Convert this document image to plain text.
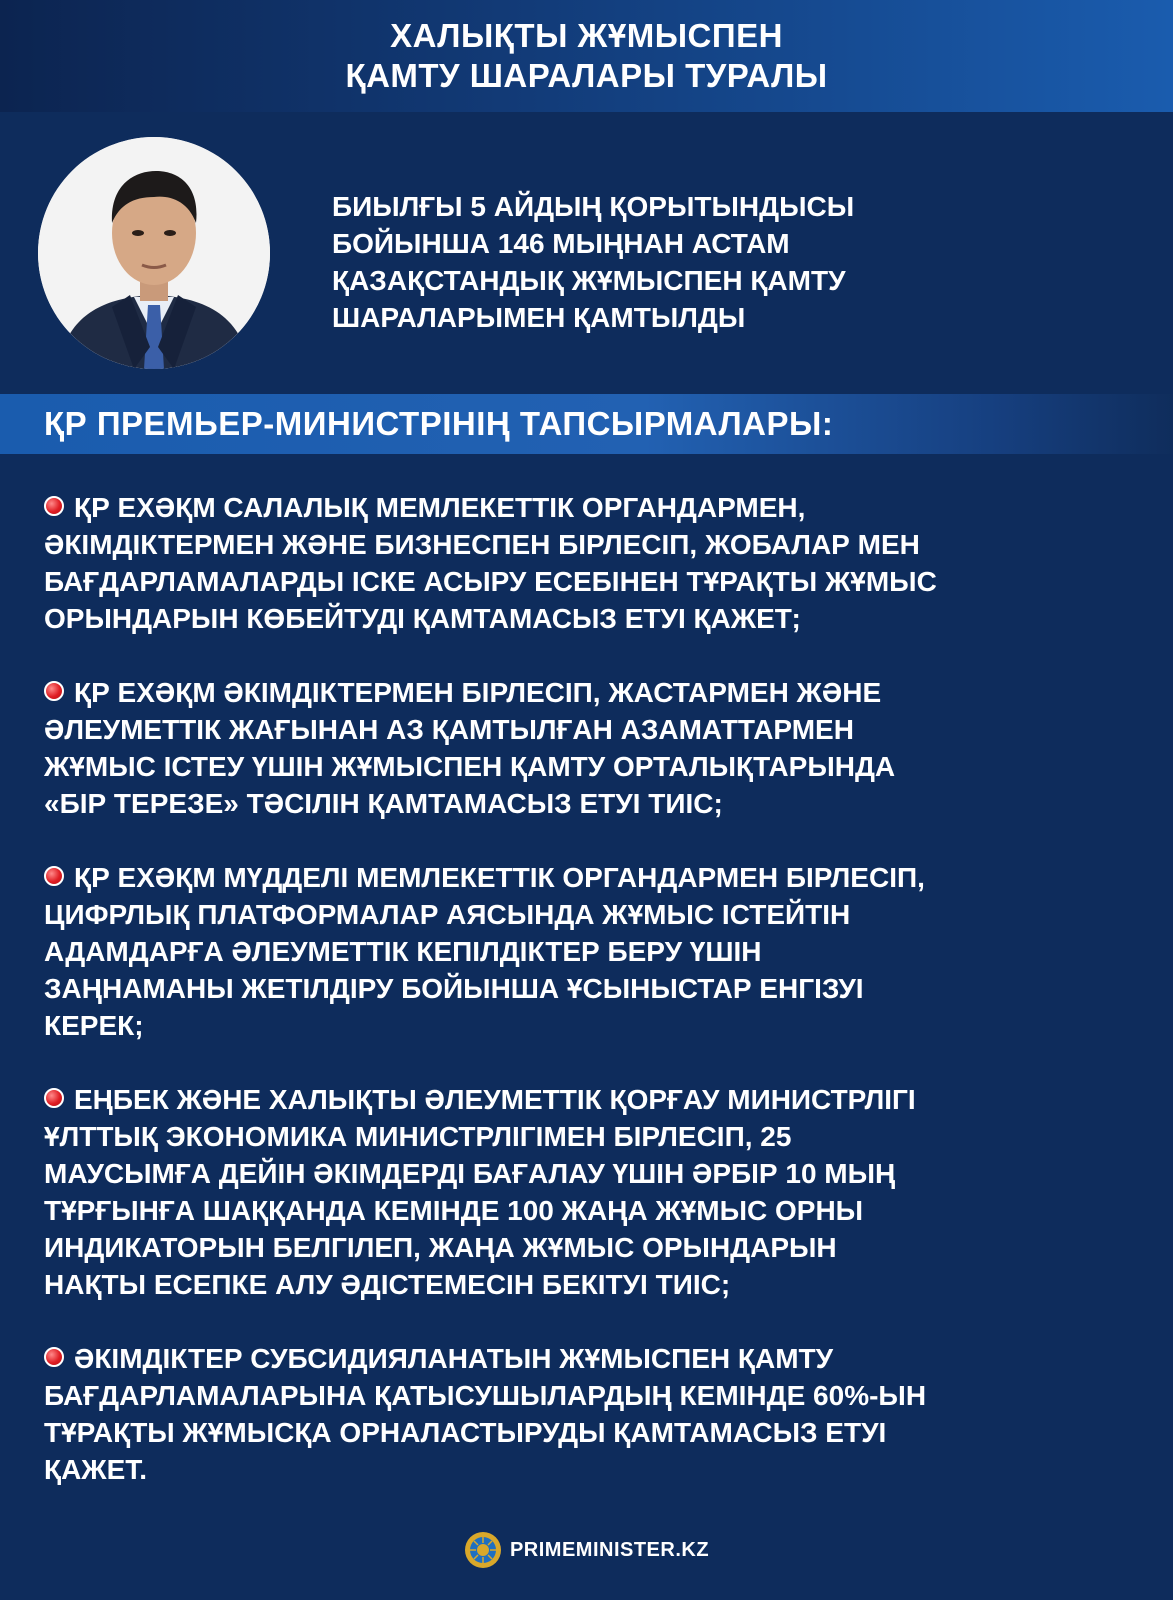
ХАЛЫҚТЫ ЖҰМЫСПЕН
ҚАМТУ ШАРАЛАРЫ ТУРАЛЫ
БИЫЛҒЫ 5 АЙДЫҢ ҚОРЫТЫНДЫСЫ
БОЙЫНША 146 МЫҢНАН АСТАМ
ҚАЗАҚСТАНДЫҚ ЖҰМЫСПЕН ҚАМТУ
ШАРАЛАРЫМЕН ҚАМТЫЛДЫ
ҚР ПРЕМЬЕР-МИНИСТРІНІҢ ТАПСЫРМАЛАРЫ:
ҚР ЕХӘҚМ САЛАЛЫҚ МЕМЛЕКЕТТІК ОРГАНДАРМЕН,
ӘКІМДІКТЕРМЕН ЖӘНЕ БИЗНЕСПЕН БІРЛЕСІП, ЖОБАЛАР МЕН
БАҒДАРЛАМАЛАРДЫ ІСКЕ АСЫРУ ЕСЕБІНЕН ТҰРАҚТЫ ЖҰМЫС
ОРЫНДАРЫН КӨБЕЙТУДІ ҚАМТАМАСЫЗ ЕТУІ ҚАЖЕТ;
ҚР ЕХӘҚМ ӘКІМДІКТЕРМЕН БІРЛЕСІП, ЖАСТАРМЕН ЖӘНЕ
ӘЛЕУМЕТТІК ЖАҒЫНАН АЗ ҚАМТЫЛҒАН АЗАМАТТАРМЕН
ЖҰМЫС ІСТЕУ ҮШІН ЖҰМЫСПЕН ҚАМТУ ОРТАЛЫҚТАРЫНДА
«БІР ТЕРЕЗЕ» ТӘСІЛІН ҚАМТАМАСЫЗ ЕТУІ ТИІС;
ҚР ЕХӘҚМ МҮДДЕЛІ МЕМЛЕКЕТТІК ОРГАНДАРМЕН БІРЛЕСІП,
ЦИФРЛЫҚ ПЛАТФОРМАЛАР АЯСЫНДА ЖҰМЫС ІСТЕЙТІН
АДАМДАРҒА ӘЛЕУМЕТТІК КЕПІЛДІКТЕР БЕРУ ҮШІН
ЗАҢНАМАНЫ ЖЕТІЛДІРУ БОЙЫНША ҰСЫНЫСТАР ЕНГІЗУІ
КЕРЕК;
ЕҢБЕК ЖӘНЕ ХАЛЫҚТЫ ӘЛЕУМЕТТІК ҚОРҒАУ МИНИСТРЛІГІ
ҰЛТТЫҚ ЭКОНОМИКА МИНИСТРЛІГІМЕН БІРЛЕСІП, 25
МАУСЫМҒА ДЕЙІН ӘКІМДЕРДІ БАҒАЛАУ ҮШІН ӘРБІР 10 МЫҢ
ТҰРҒЫНҒА ШАҚҚАНДА КЕМІНДЕ 100 ЖАҢА ЖҰМЫС ОРНЫ
ИНДИКАТОРЫН БЕЛГІЛЕП, ЖАҢА ЖҰМЫС ОРЫНДАРЫН
НАҚТЫ ЕСЕПКЕ АЛУ ӘДІСТЕМЕСІН БЕКІТУІ ТИІС;
ӘКІМДІКТЕР СУБСИДИЯЛАНАТЫН ЖҰМЫСПЕН ҚАМТУ
БАҒДАРЛАМАЛАРЫНА ҚАТЫСУШЫЛАРДЫҢ КЕМІНДЕ 60%-ЫН
ТҰРАҚТЫ ЖҰМЫСҚА ОРНАЛАСТЫРУДЫ ҚАМТАМАСЫЗ ЕТУІ
ҚАЖЕТ.
PRIMEMINISTER.KZ
